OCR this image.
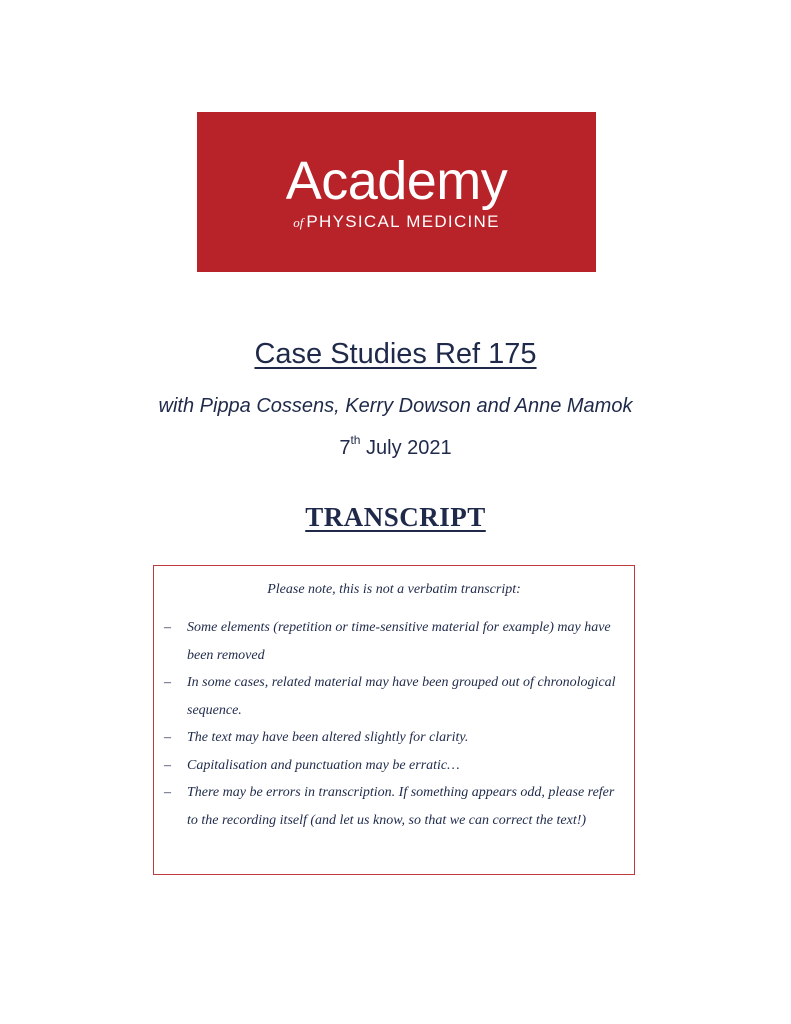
Academy
of PHYSICAL MEDICINE
Case Studies Ref 175
with Pippa Cossens, Kerry Dowson and Anne Mamok
7th July 2021
TRANSCRIPT
Please note, this is not a verbatim transcript:
– Some elements (repetition or time-sensitive material for example) may have been removed
– In some cases, related material may have been grouped out of chronological sequence.
– The text may have been altered slightly for clarity.
– Capitalisation and punctuation may be erratic…
– There may be errors in transcription. If something appears odd, please refer to the recording itself (and let us know, so that we can correct the text!)
